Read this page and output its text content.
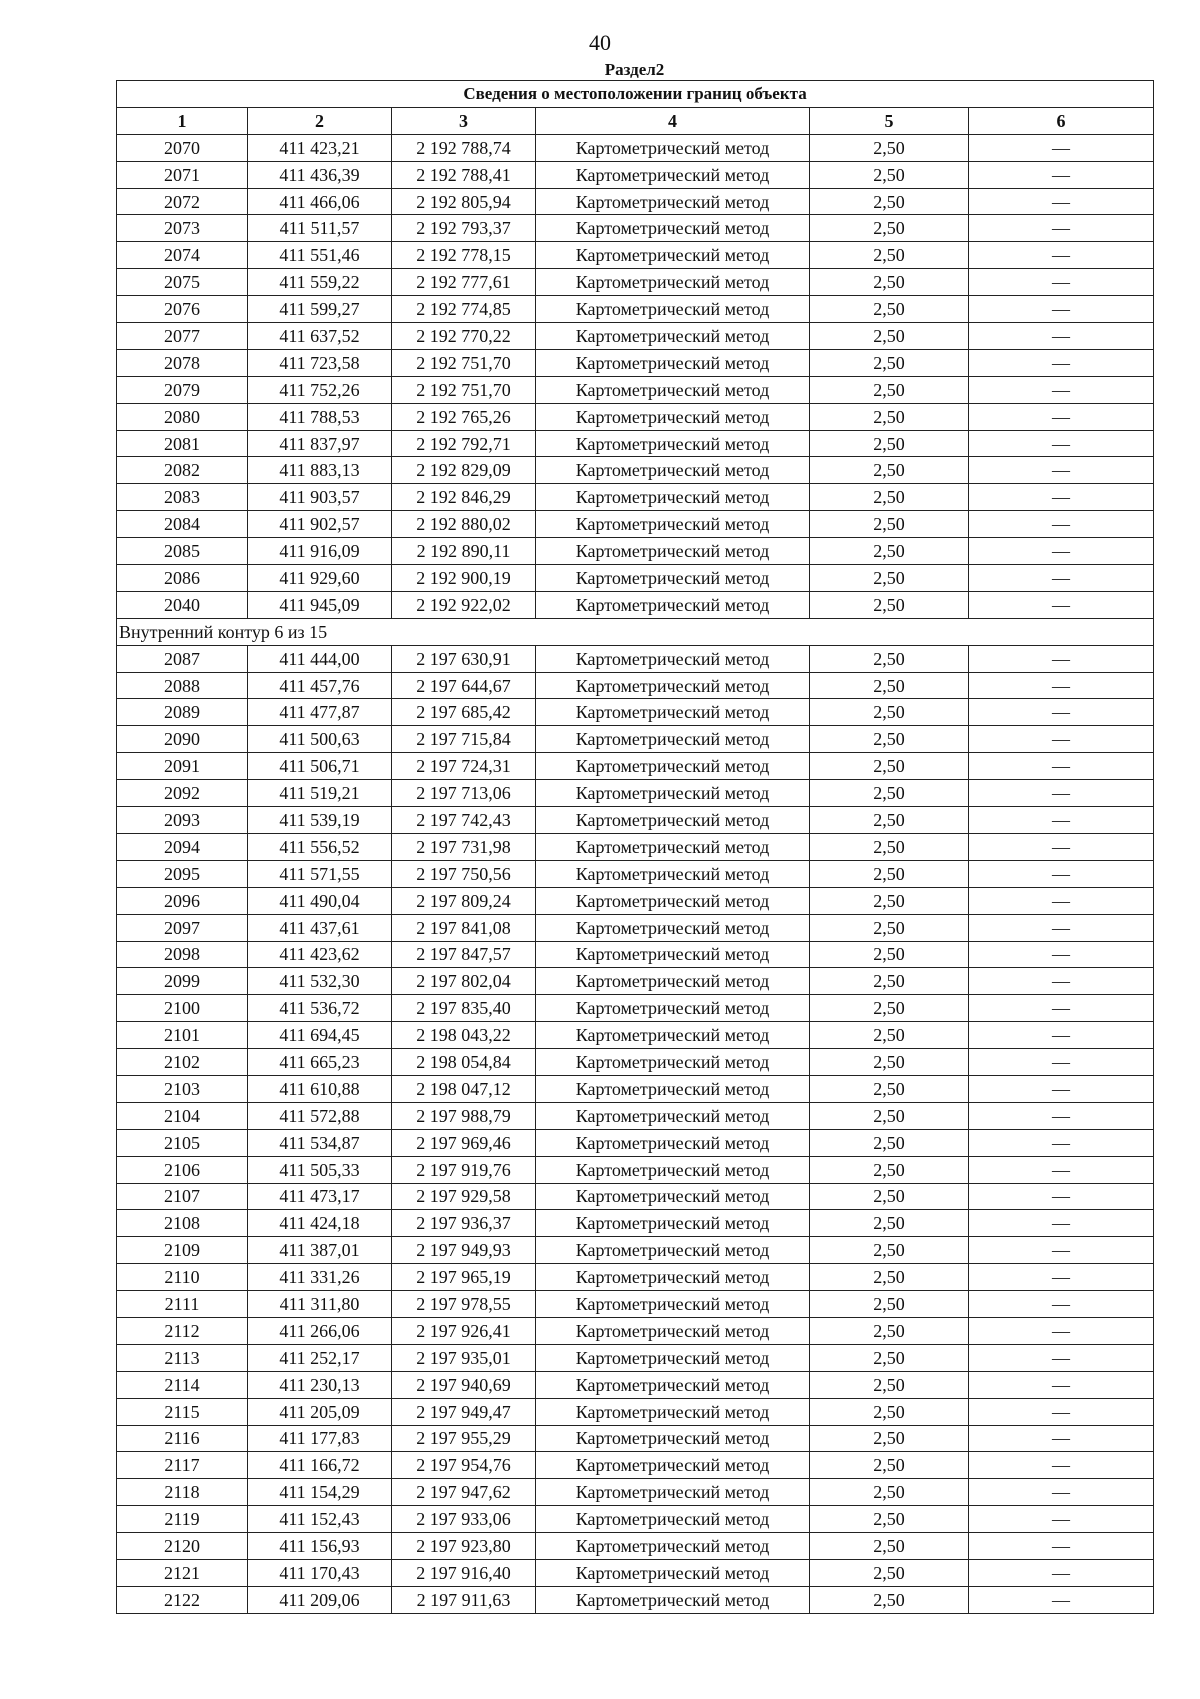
40
Раздел2
Сведения о местоположении границ объекта					
1	2	3	4	5	6
2070	411 423,21	2 192 788,74	Картометрический метод	2,50	—
2071	411 436,39	2 192 788,41	Картометрический метод	2,50	—
2072	411 466,06	2 192 805,94	Картометрический метод	2,50	—
2073	411 511,57	2 192 793,37	Картометрический метод	2,50	—
2074	411 551,46	2 192 778,15	Картометрический метод	2,50	—
2075	411 559,22	2 192 777,61	Картометрический метод	2,50	—
2076	411 599,27	2 192 774,85	Картометрический метод	2,50	—
2077	411 637,52	2 192 770,22	Картометрический метод	2,50	—
2078	411 723,58	2 192 751,70	Картометрический метод	2,50	—
2079	411 752,26	2 192 751,70	Картометрический метод	2,50	—
2080	411 788,53	2 192 765,26	Картометрический метод	2,50	—
2081	411 837,97	2 192 792,71	Картометрический метод	2,50	—
2082	411 883,13	2 192 829,09	Картометрический метод	2,50	—
2083	411 903,57	2 192 846,29	Картометрический метод	2,50	—
2084	411 902,57	2 192 880,02	Картометрический метод	2,50	—
2085	411 916,09	2 192 890,11	Картометрический метод	2,50	—
2086	411 929,60	2 192 900,19	Картометрический метод	2,50	—
2040	411 945,09	2 192 922,02	Картометрический метод	2,50	—
Внутренний контур 6 из 15					
2087	411 444,00	2 197 630,91	Картометрический метод	2,50	—
2088	411 457,76	2 197 644,67	Картометрический метод	2,50	—
2089	411 477,87	2 197 685,42	Картометрический метод	2,50	—
2090	411 500,63	2 197 715,84	Картометрический метод	2,50	—
2091	411 506,71	2 197 724,31	Картометрический метод	2,50	—
2092	411 519,21	2 197 713,06	Картометрический метод	2,50	—
2093	411 539,19	2 197 742,43	Картометрический метод	2,50	—
2094	411 556,52	2 197 731,98	Картометрический метод	2,50	—
2095	411 571,55	2 197 750,56	Картометрический метод	2,50	—
2096	411 490,04	2 197 809,24	Картометрический метод	2,50	—
2097	411 437,61	2 197 841,08	Картометрический метод	2,50	—
2098	411 423,62	2 197 847,57	Картометрический метод	2,50	—
2099	411 532,30	2 197 802,04	Картометрический метод	2,50	—
2100	411 536,72	2 197 835,40	Картометрический метод	2,50	—
2101	411 694,45	2 198 043,22	Картометрический метод	2,50	—
2102	411 665,23	2 198 054,84	Картометрический метод	2,50	—
2103	411 610,88	2 198 047,12	Картометрический метод	2,50	—
2104	411 572,88	2 197 988,79	Картометрический метод	2,50	—
2105	411 534,87	2 197 969,46	Картометрический метод	2,50	—
2106	411 505,33	2 197 919,76	Картометрический метод	2,50	—
2107	411 473,17	2 197 929,58	Картометрический метод	2,50	—
2108	411 424,18	2 197 936,37	Картометрический метод	2,50	—
2109	411 387,01	2 197 949,93	Картометрический метод	2,50	—
2110	411 331,26	2 197 965,19	Картометрический метод	2,50	—
2111	411 311,80	2 197 978,55	Картометрический метод	2,50	—
2112	411 266,06	2 197 926,41	Картометрический метод	2,50	—
2113	411 252,17	2 197 935,01	Картометрический метод	2,50	—
2114	411 230,13	2 197 940,69	Картометрический метод	2,50	—
2115	411 205,09	2 197 949,47	Картометрический метод	2,50	—
2116	411 177,83	2 197 955,29	Картометрический метод	2,50	—
2117	411 166,72	2 197 954,76	Картометрический метод	2,50	—
2118	411 154,29	2 197 947,62	Картометрический метод	2,50	—
2119	411 152,43	2 197 933,06	Картометрический метод	2,50	—
2120	411 156,93	2 197 923,80	Картометрический метод	2,50	—
2121	411 170,43	2 197 916,40	Картометрический метод	2,50	—
2122	411 209,06	2 197 911,63	Картометрический метод	2,50	—
